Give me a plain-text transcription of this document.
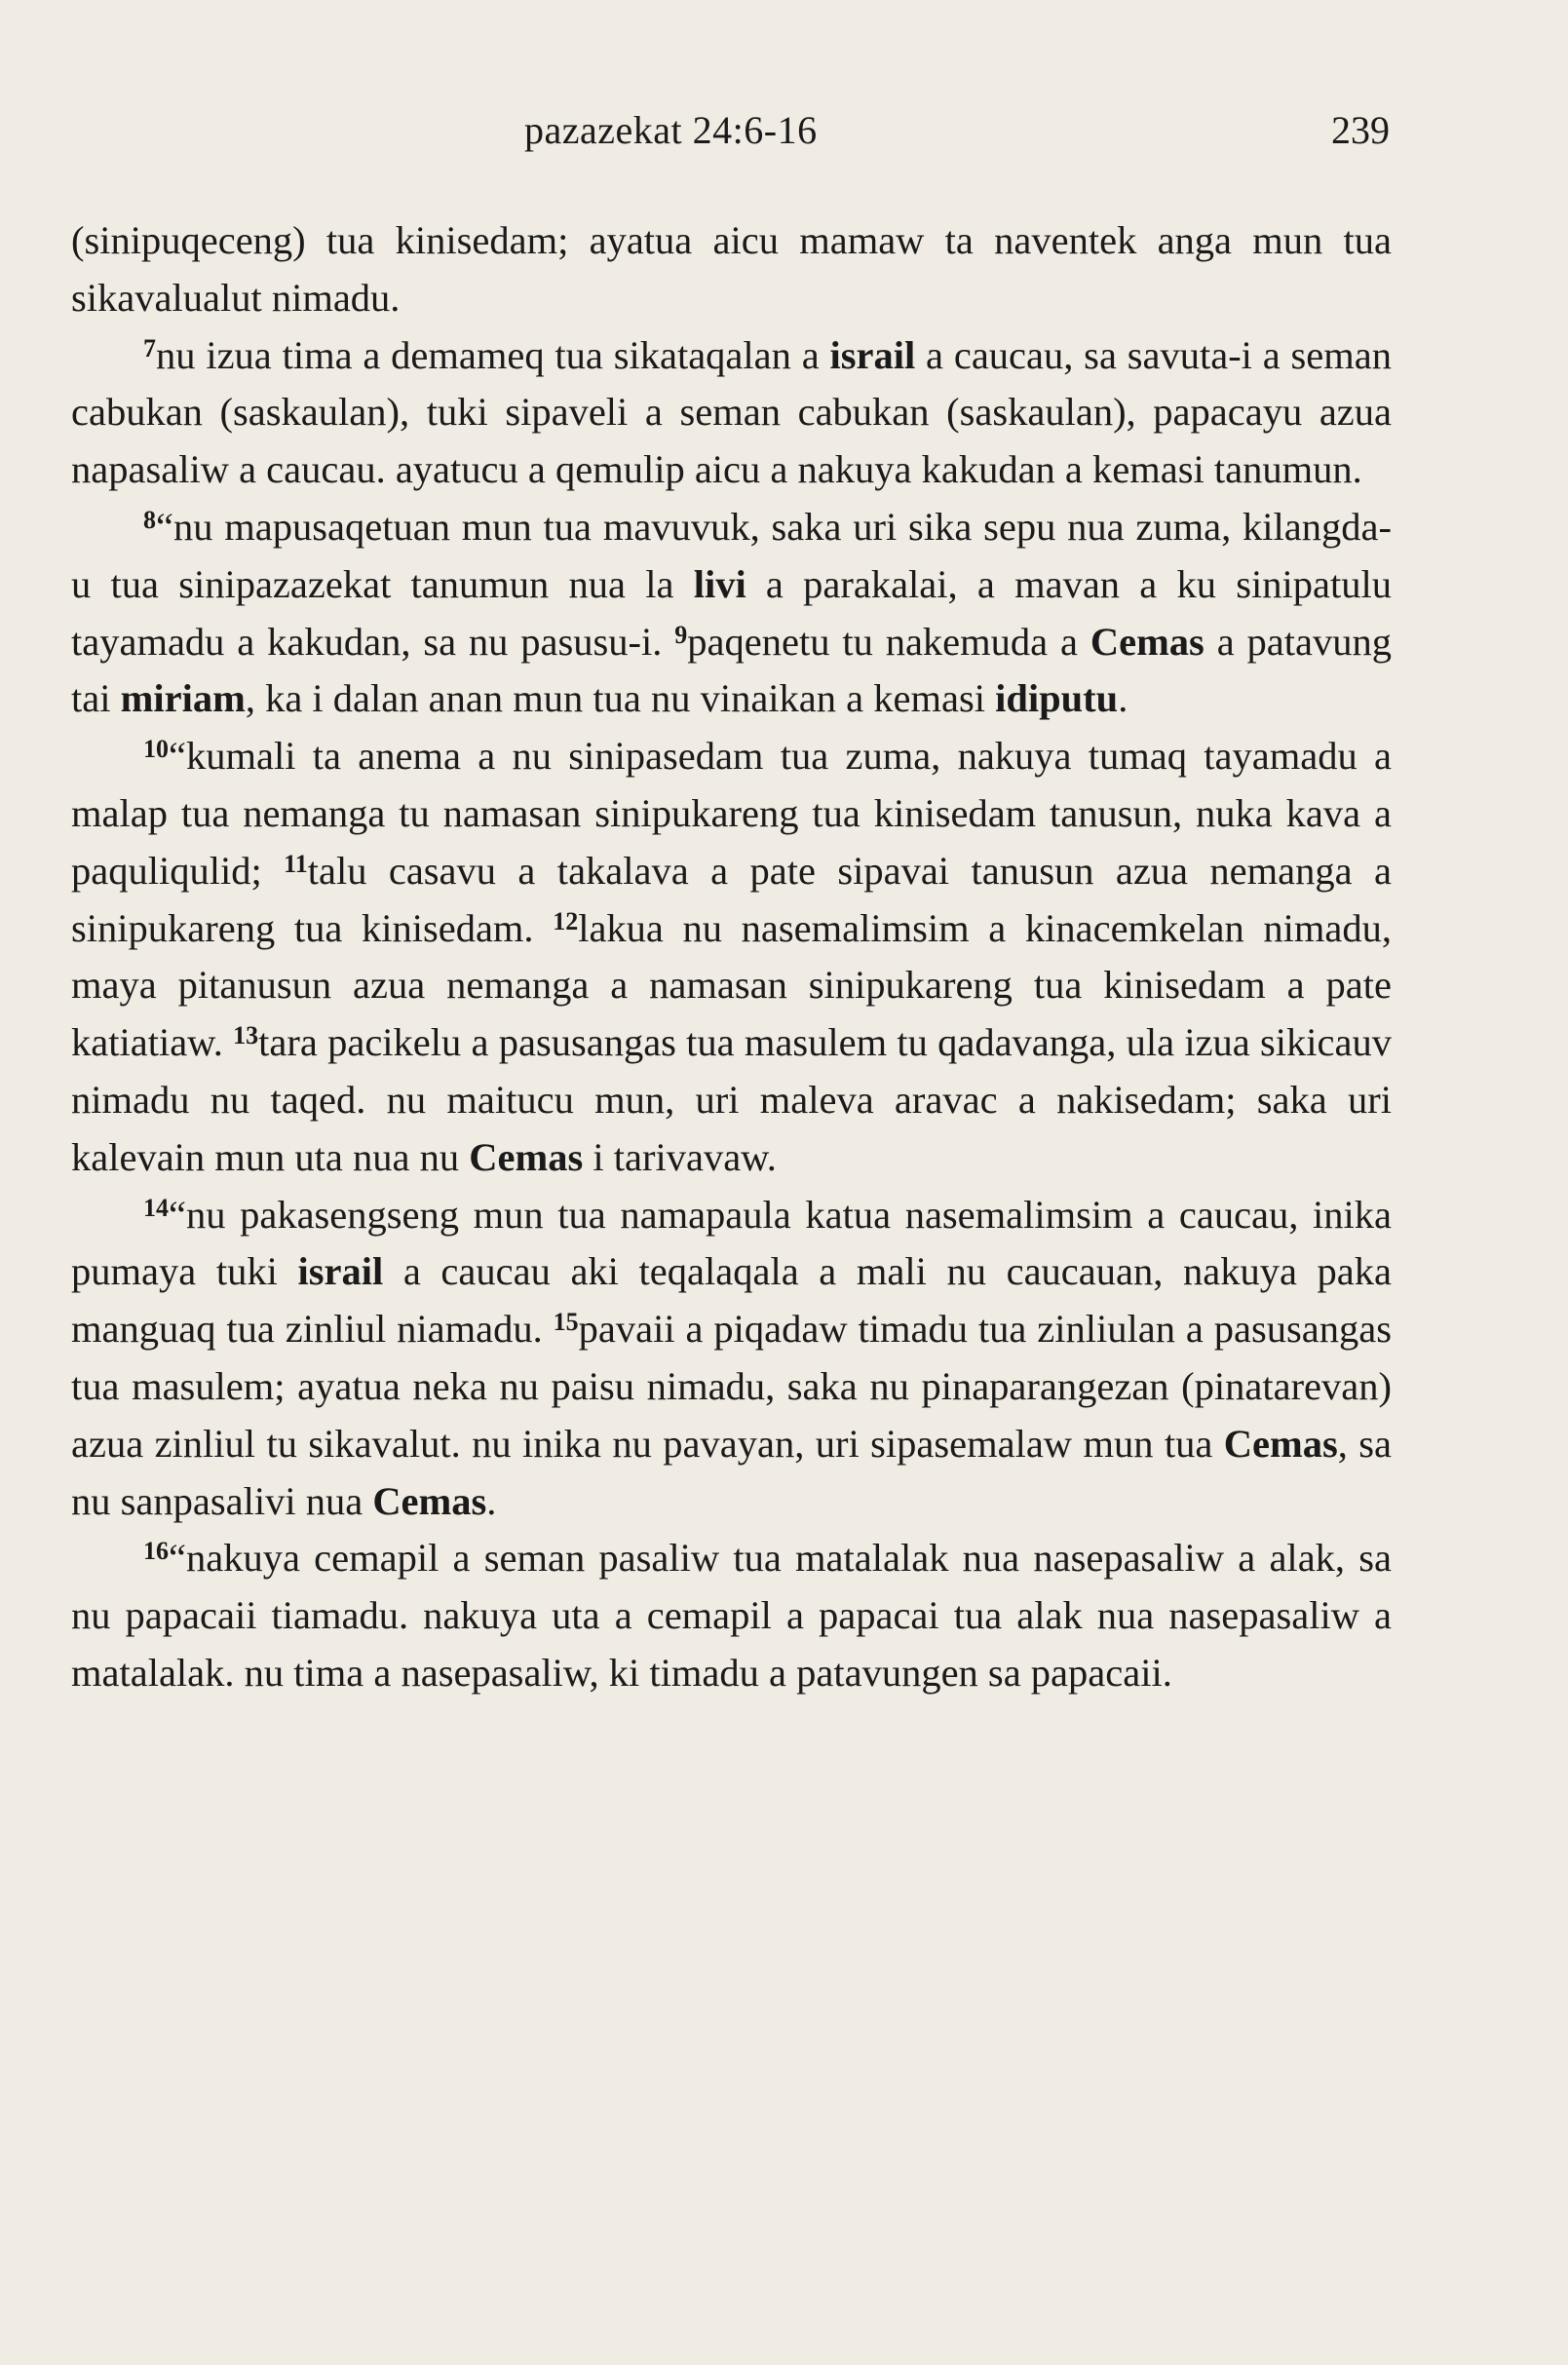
pazazekat 24:6-16	239

(sinipuqeceng) tua kinisedam; ayatua aicu mamaw ta naventek anga mun tua sikavalualut nimadu.

$^7$nu izua tima a demameq tua sikataqalan a israil a caucau, sa savuta-i a seman cabukan (saskaulan), tuki sipaveli a seman cabukan (saskaulan), papacayu azua napasaliw a caucau. ayatucu a qemulip aicu a nakuya kakudan a kemasi tanumun.

$^8$“nu mapusaqetuan mun tua mavuvuk, saka uri sika sepu nua zuma, kilangda-u tua sinipazazekat tanumun nua la livi a parakalai, a mavan a ku sinipatulu tayamadu a kakudan, sa nu pasusu-i. $^9$paqenetu tu nakemuda a Cemas a patavung tai miriam, ka i dalan anan mun tua nu vinaikan a kemasi idiputu.

$^{10}$“kumali ta anema a nu sinipasedam tua zuma, nakuya tumaq tayamadu a malap tua nemanga tu namasan sinipukareng tua kinisedam tanusun, nuka kava a paquliqulid; $^{11}$talu casavu a takalava a pate sipavai tanusun azua nemanga a sinipukareng tua kinisedam. $^{12}$lakua nu nasemalimsim a kinacemkelan nimadu, maya pitanusun azua nemanga a namasan sinipukareng tua kinisedam a pate katiatiaw. $^{13}$tara pacikelu a pasusangas tua masulem tu qadavanga, ula izua sikicauv nimadu nu taqed. nu maitucu mun, uri maleva aravac a nakisedam; saka uri kalevain mun uta nua nu Cemas i tarivavaw.

$^{14}$“nu pakasengseng mun tua namapaula katua nasemalimsim a caucau, inika pumaya tuki israil a caucau aki teqalaqala a mali nu caucauan, nakuya paka manguaq tua zinliul niamadu. $^{15}$pavaii a piqadaw timadu tua zinliulan a pasusangas tua masulem; ayatua neka nu paisu nimadu, saka nu pinaparangezan (pinatarevan) azua zinliul tu sikavalut. nu inika nu pavayan, uri sipasemalaw mun tua Cemas, sa nu sanpasalivi nua Cemas.

$^{16}$“nakuya cemapil a seman pasaliw tua matalalak nua nasepasaliw a alak, sa nu papacaii tiamadu. nakuya uta a cemapil a papacai tua alak nua nasepasaliw a matalalak. nu tima a nasepasaliw, ki timadu a patavungen sa papacaii.
